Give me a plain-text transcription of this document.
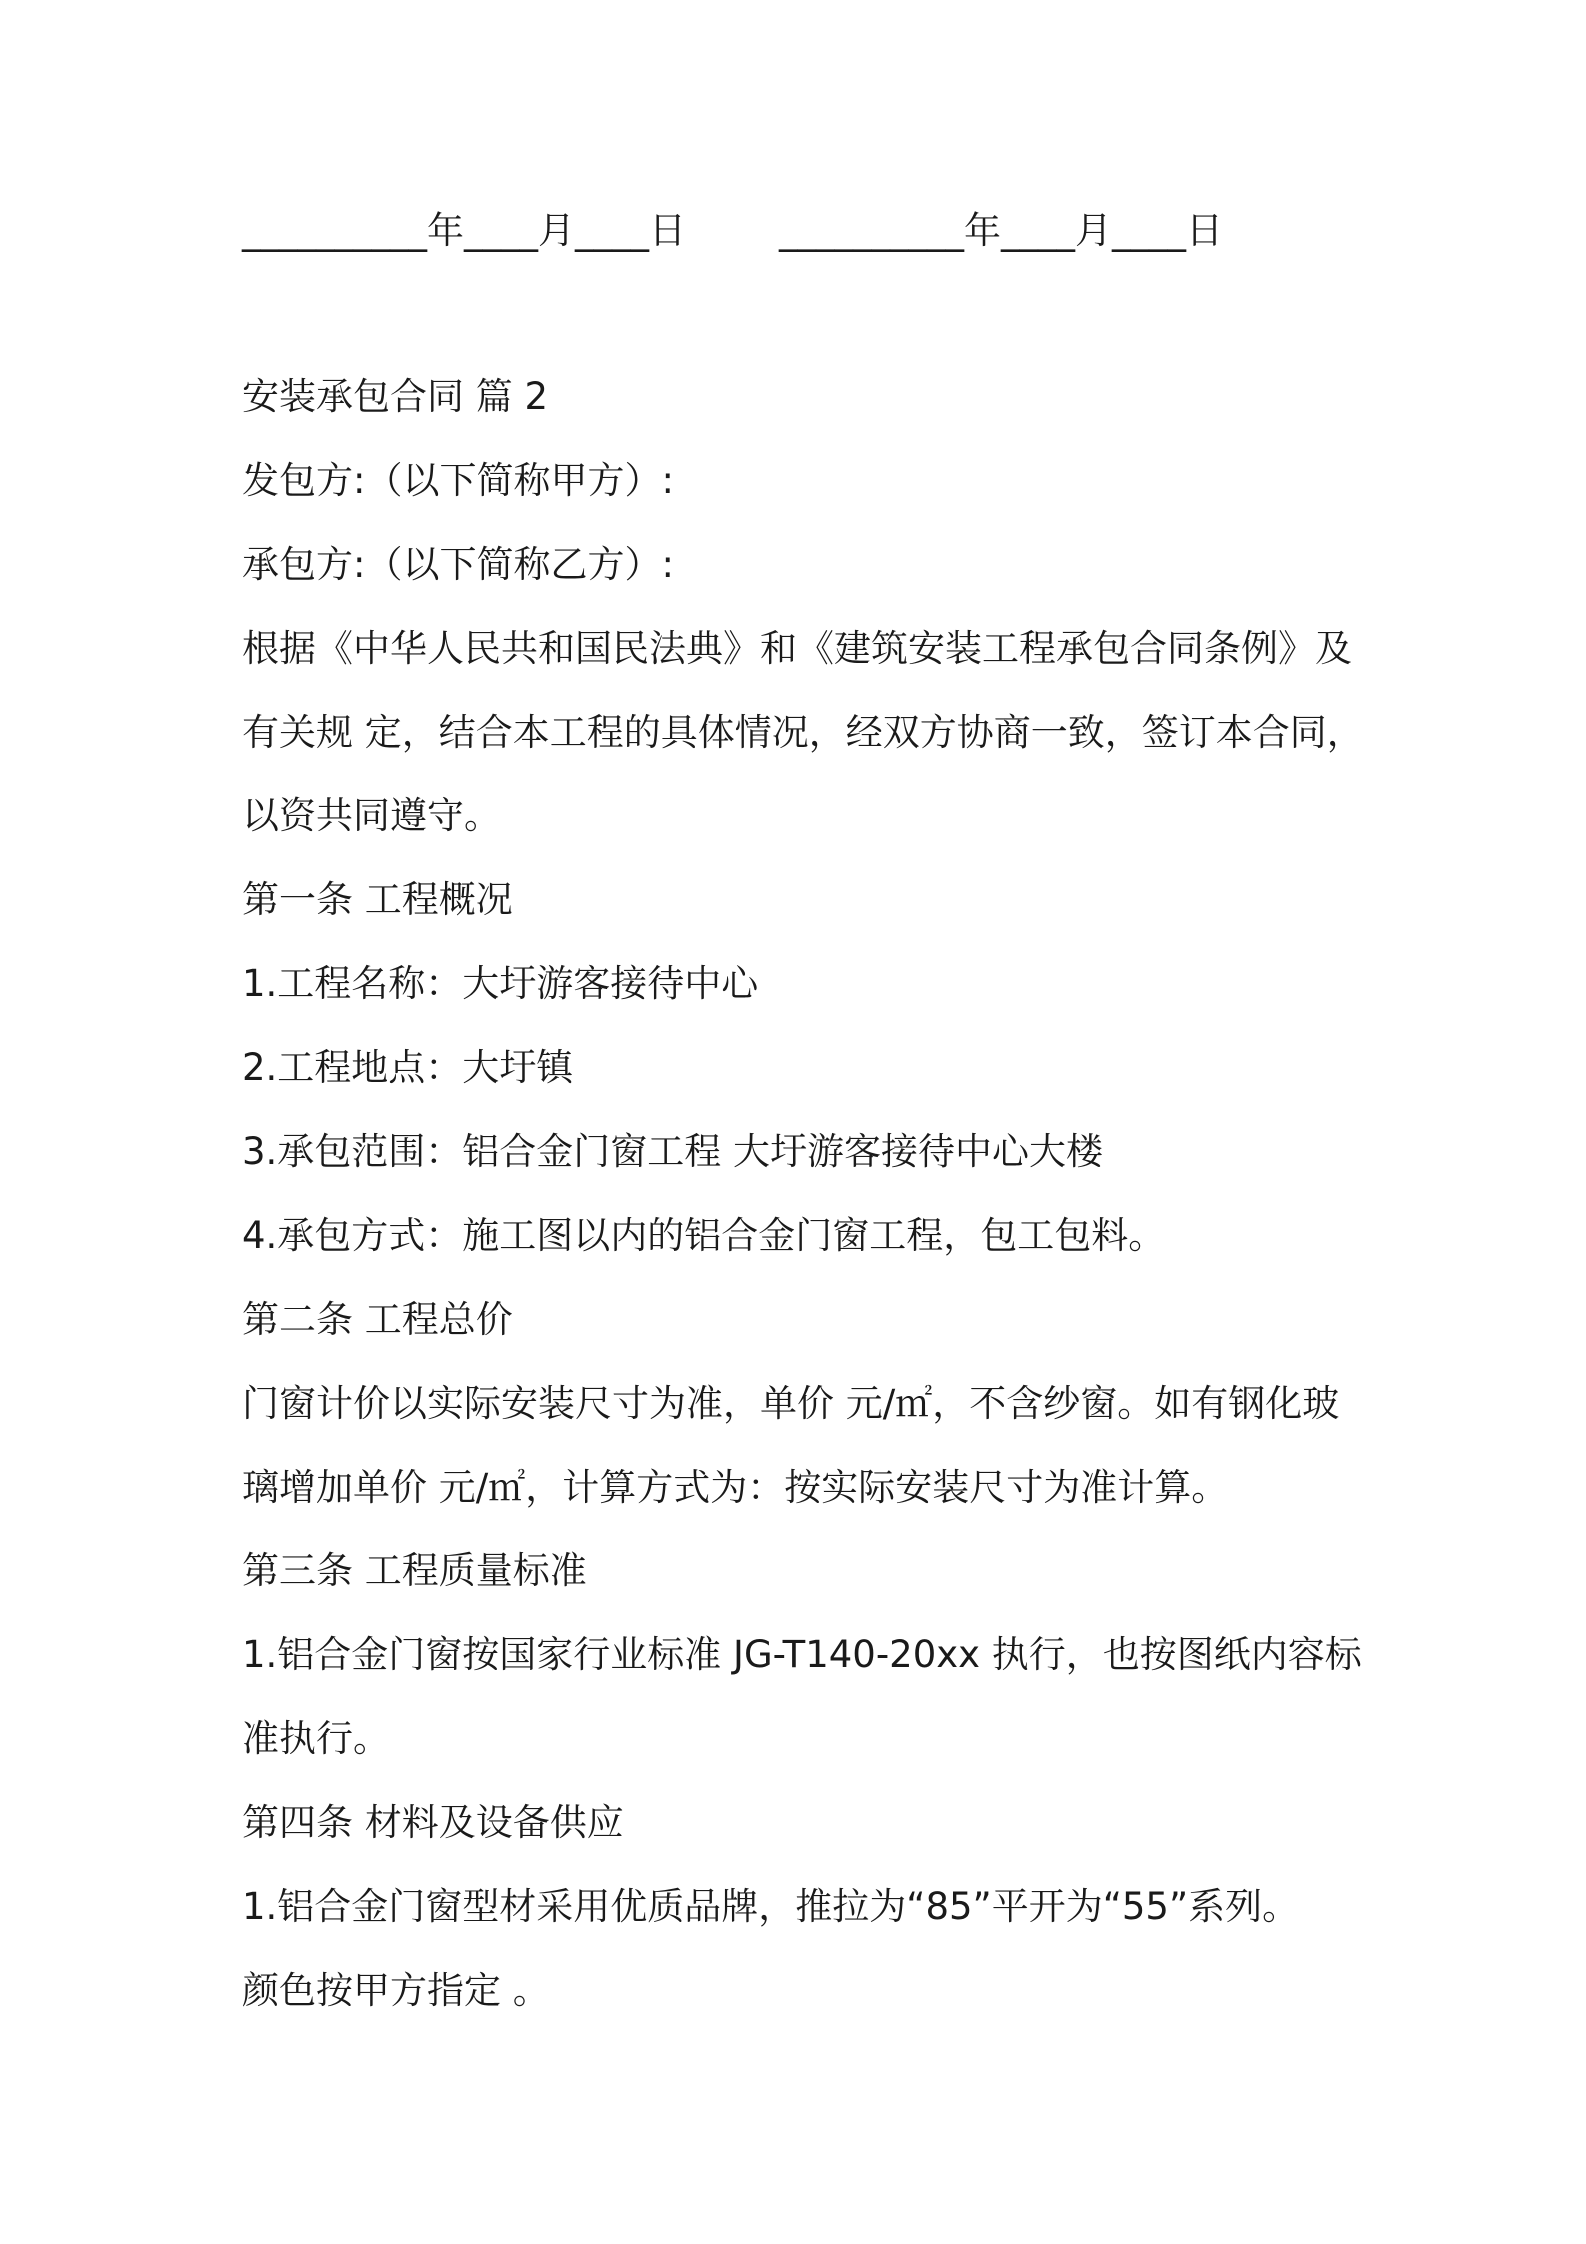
__________年____月____日	__________年____月____日
安装承包合同 篇 2
发包方:（以下简称甲方）:
承包方:（以下简称乙方）:
根据《中华人民共和国民法典》和《建筑安装工程承包合同条例》及
有关规 定，结合本工程的具体情况，经双方协商一致，签订本合同，
以资共同遵守。
第一条 工程概况
1.工程名称：大圩游客接待中心
2.工程地点：大圩镇
3.承包范围：铝合金门窗工程 大圩游客接待中心大楼
4.承包方式：施工图以内的铝合金门窗工程，包工包料。
第二条 工程总价
门窗计价以实际安装尺寸为准，单价 元/㎡，不含纱窗。如有钢化玻
璃增加单价 元/㎡，计算方式为：按实际安装尺寸为准计算。
第三条 工程质量标准
1.铝合金门窗按国家行业标准 JG-T140-20xx 执行，也按图纸内容标
准执行。
第四条 材料及设备供应
1.铝合金门窗型材采用优质品牌，推拉为“85”平开为“55”系列。
颜色按甲方指定 。
